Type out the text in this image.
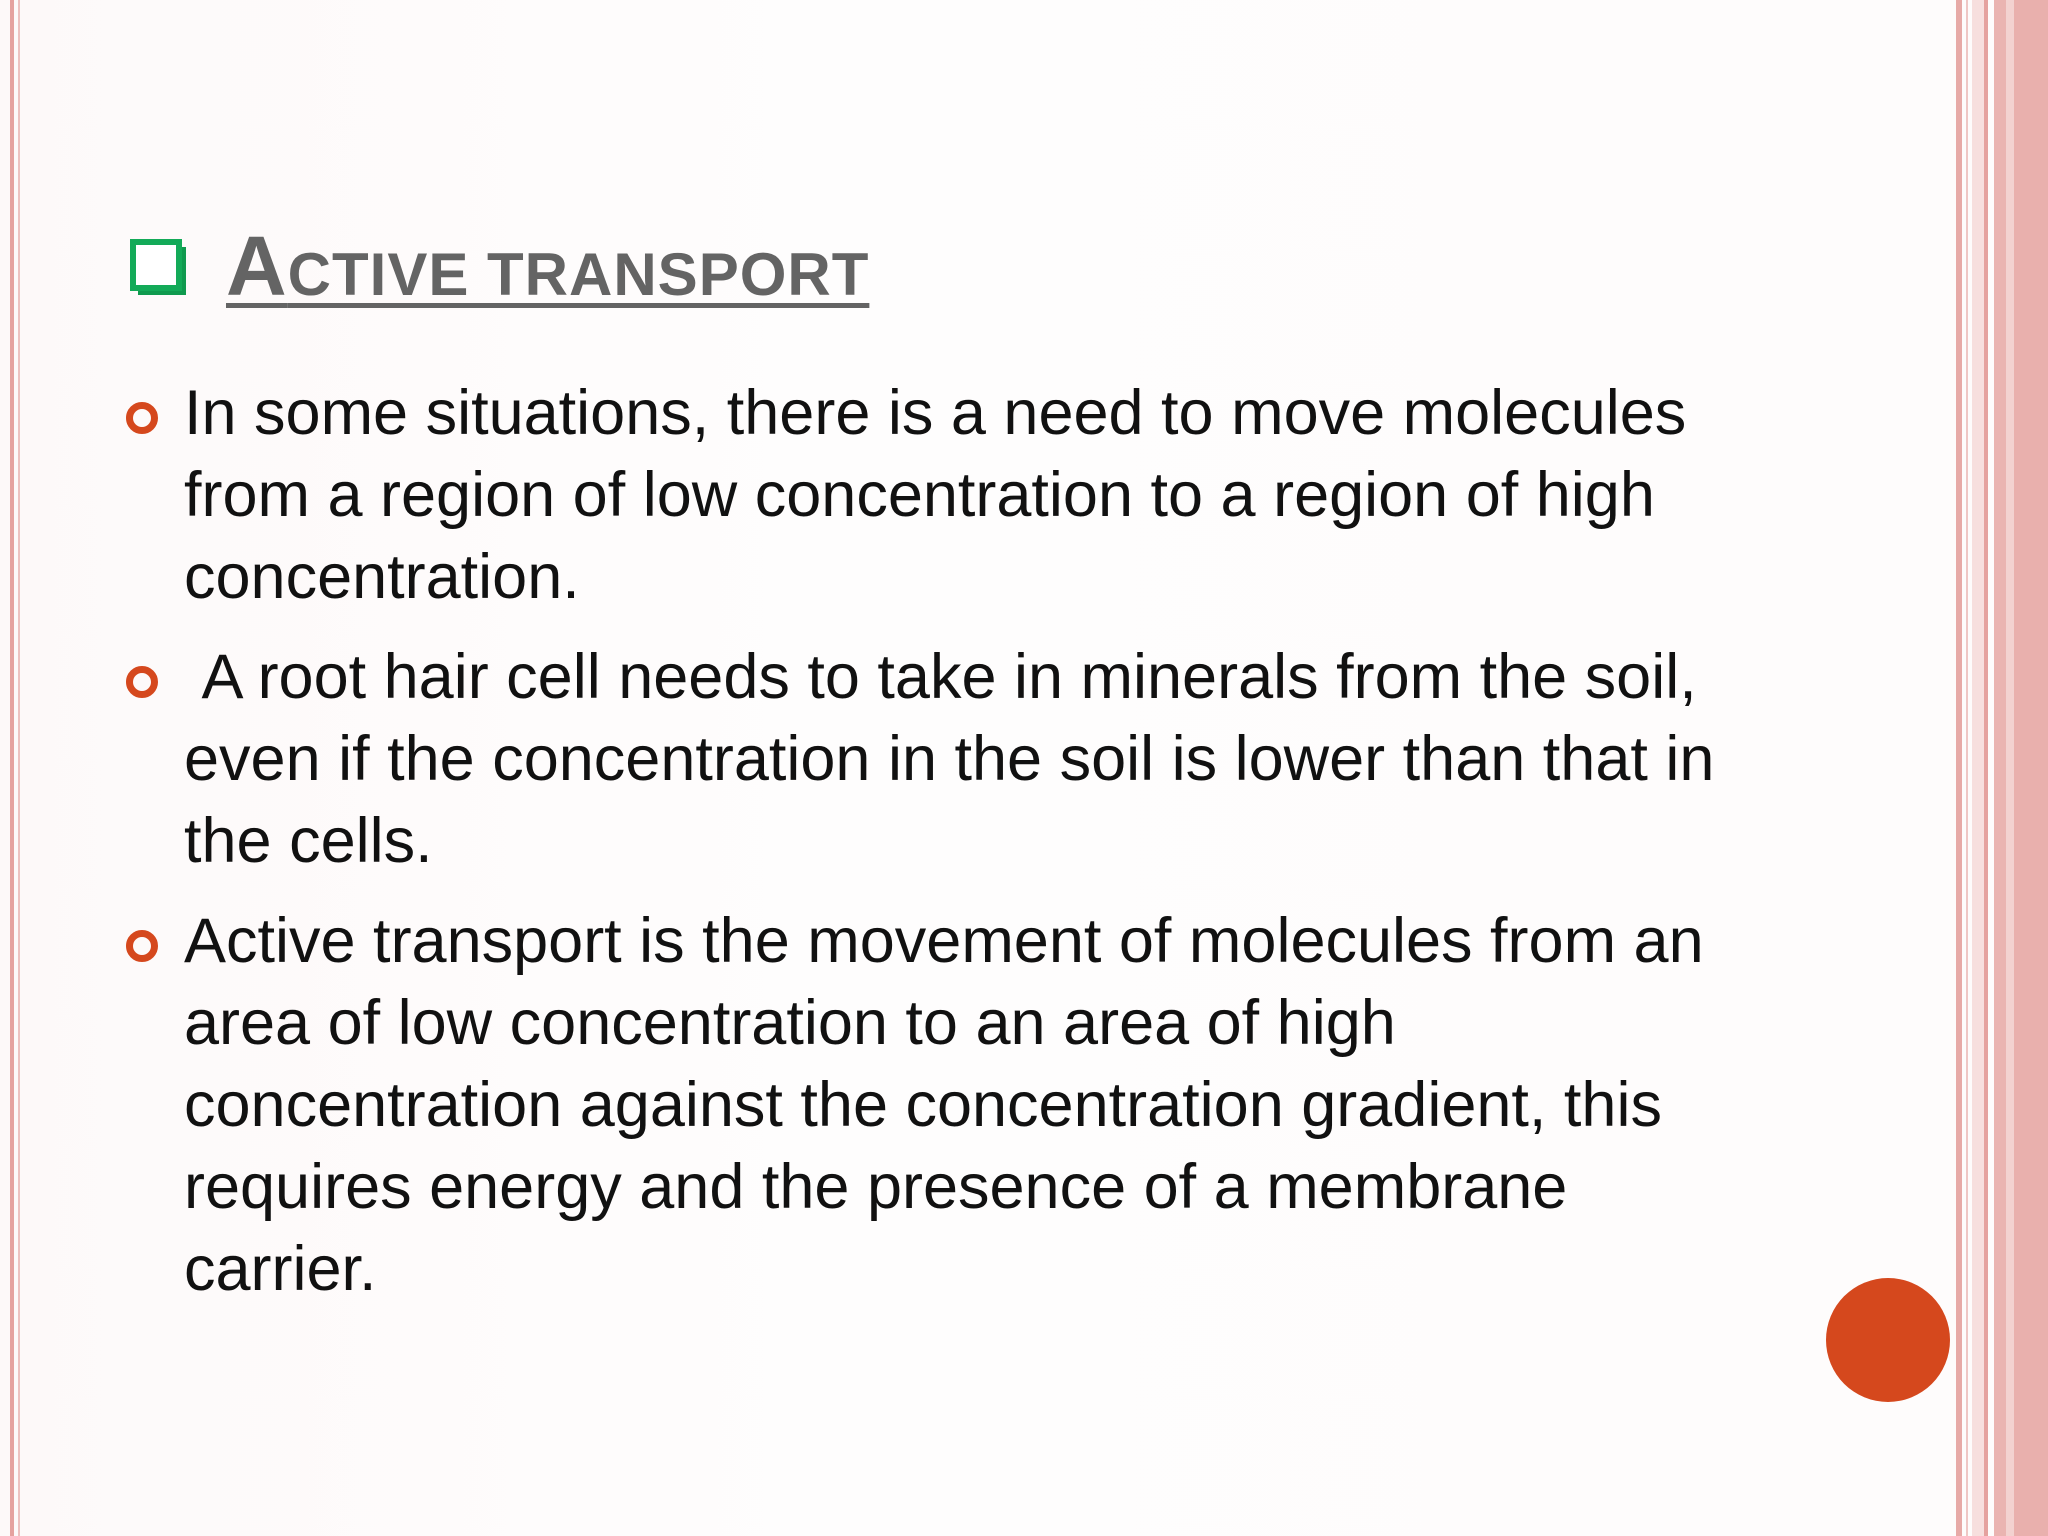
ACTIVE TRANSPORT
In some situations, there is a need to move molecules from a region of low concentration to a region of high concentration.
A root hair cell needs to take in minerals from the soil, even if the concentration in the soil is lower than that in the cells.
Active transport is the movement of molecules from an area of low concentration to an area of high concentration against the concentration gradient, this requires energy and the presence of a membrane carrier.
